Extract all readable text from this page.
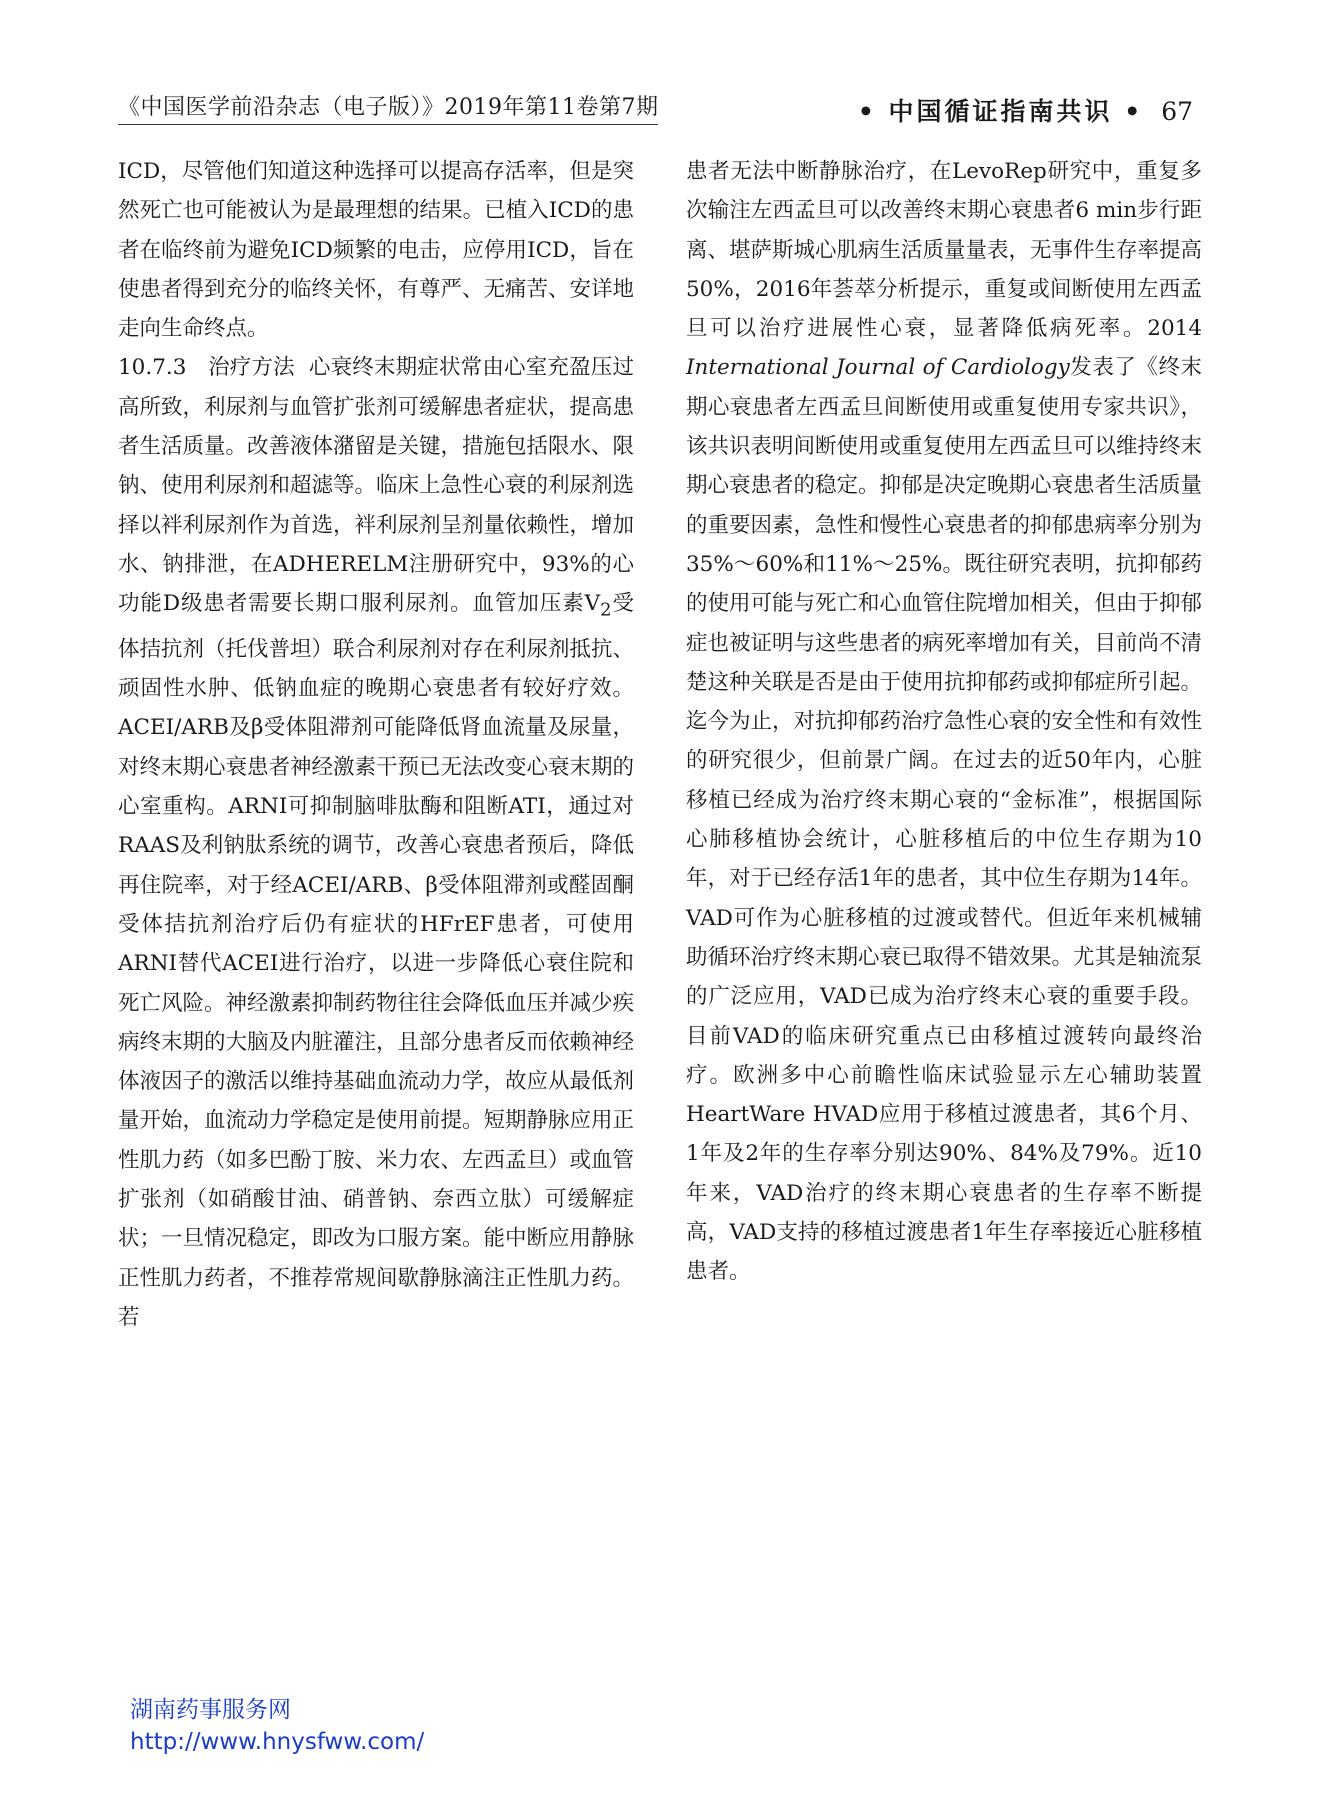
《中国医学前沿杂志（电子版）》2019年第11卷第7期	• 中国循证指南共识 • 67

ICD，尽管他们知道这种选择可以提高存活率，但是突然死亡也可能被认为是最理想的结果。已植入ICD的患者在临终前为避免ICD频繁的电击，应停用ICD，旨在使患者得到充分的临终关怀，有尊严、无痛苦、安详地走向生命终点。

10.7.3  治疗方法 心衰终末期症状常由心室充盈压过高所致，利尿剂与血管扩张剂可缓解患者症状，提高患者生活质量。改善液体潴留是关键，措施包括限水、限钠、使用利尿剂和超滤等。临床上急性心衰的利尿剂选择以袢利尿剂作为首选，袢利尿剂呈剂量依赖性，增加水、钠排泄，在ADHERELM注册研究中，93%的心功能D级患者需要长期口服利尿剂。血管加压素$V_2$受体拮抗剂（托伐普坦）联合利尿剂对存在利尿剂抵抗、顽固性水肿、低钠血症的晚期心衰患者有较好疗效。ACEI/ARB及β受体阻滞剂可能降低肾血流量及尿量，对终末期心衰患者神经激素干预已无法改变心衰末期的心室重构。ARNI可抑制脑啡肽酶和阻断ATI，通过对RAAS及利钠肽系统的调节，改善心衰患者预后，降低再住院率，对于经ACEI/ARB、β受体阻滞剂或醛固酮受体拮抗剂治疗后仍有症状的HFrEF患者，可使用ARNI替代ACEI进行治疗，以进一步降低心衰住院和死亡风险。神经激素抑制药物往往会降低血压并减少疾病终末期的大脑及内脏灌注，且部分患者反而依赖神经体液因子的激活以维持基础血流动力学，故应从最低剂量开始，血流动力学稳定是使用前提。短期静脉应用正性肌力药（如多巴酚丁胺、米力农、左西孟旦）或血管扩张剂（如硝酸甘油、硝普钠、奈西立肽）可缓解症状；一旦情况稳定，即改为口服方案。能中断应用静脉正性肌力药者，不推荐常规间歇静脉滴注正性肌力药。若

患者无法中断静脉治疗，在LevoRep研究中，重复多次输注左西孟旦可以改善终末期心衰患者6 min步行距离、堪萨斯城心肌病生活质量量表，无事件生存率提高50%，2016年荟萃分析提示，重复或间断使用左西孟旦可以治疗进展性心衰，显著降低病死率。2014 International Journal of Cardiology发表了《终末期心衰患者左西孟旦间断使用或重复使用专家共识》，该共识表明间断使用或重复使用左西孟旦可以维持终末期心衰患者的稳定。抑郁是决定晚期心衰患者生活质量的重要因素，急性和慢性心衰患者的抑郁患病率分别为35%～60%和11%～25%。既往研究表明，抗抑郁药的使用可能与死亡和心血管住院增加相关，但由于抑郁症也被证明与这些患者的病死率增加有关，目前尚不清楚这种关联是否是由于使用抗抑郁药或抑郁症所引起。迄今为止，对抗抑郁药治疗急性心衰的安全性和有效性的研究很少，但前景广阔。在过去的近50年内，心脏移植已经成为治疗终末期心衰的“金标准”，根据国际心肺移植协会统计，心脏移植后的中位生存期为10年，对于已经存活1年的患者，其中位生存期为14年。VAD可作为心脏移植的过渡或替代。但近年来机械辅助循环治疗终末期心衰已取得不错效果。尤其是轴流泵的广泛应用，VAD已成为治疗终末心衰的重要手段。目前VAD的临床研究重点已由移植过渡转向最终治疗。欧洲多中心前瞻性临床试验显示左心辅助装置HeartWare HVAD应用于移植过渡患者，其6个月、1年及2年的生存率分别达90%、84%及79%。近10年来，VAD治疗的终末期心衰患者的生存率不断提高，VAD支持的移植过渡患者1年生存率接近心脏移植患者。

湖南药事服务网
http://www.hnysfww.com/
